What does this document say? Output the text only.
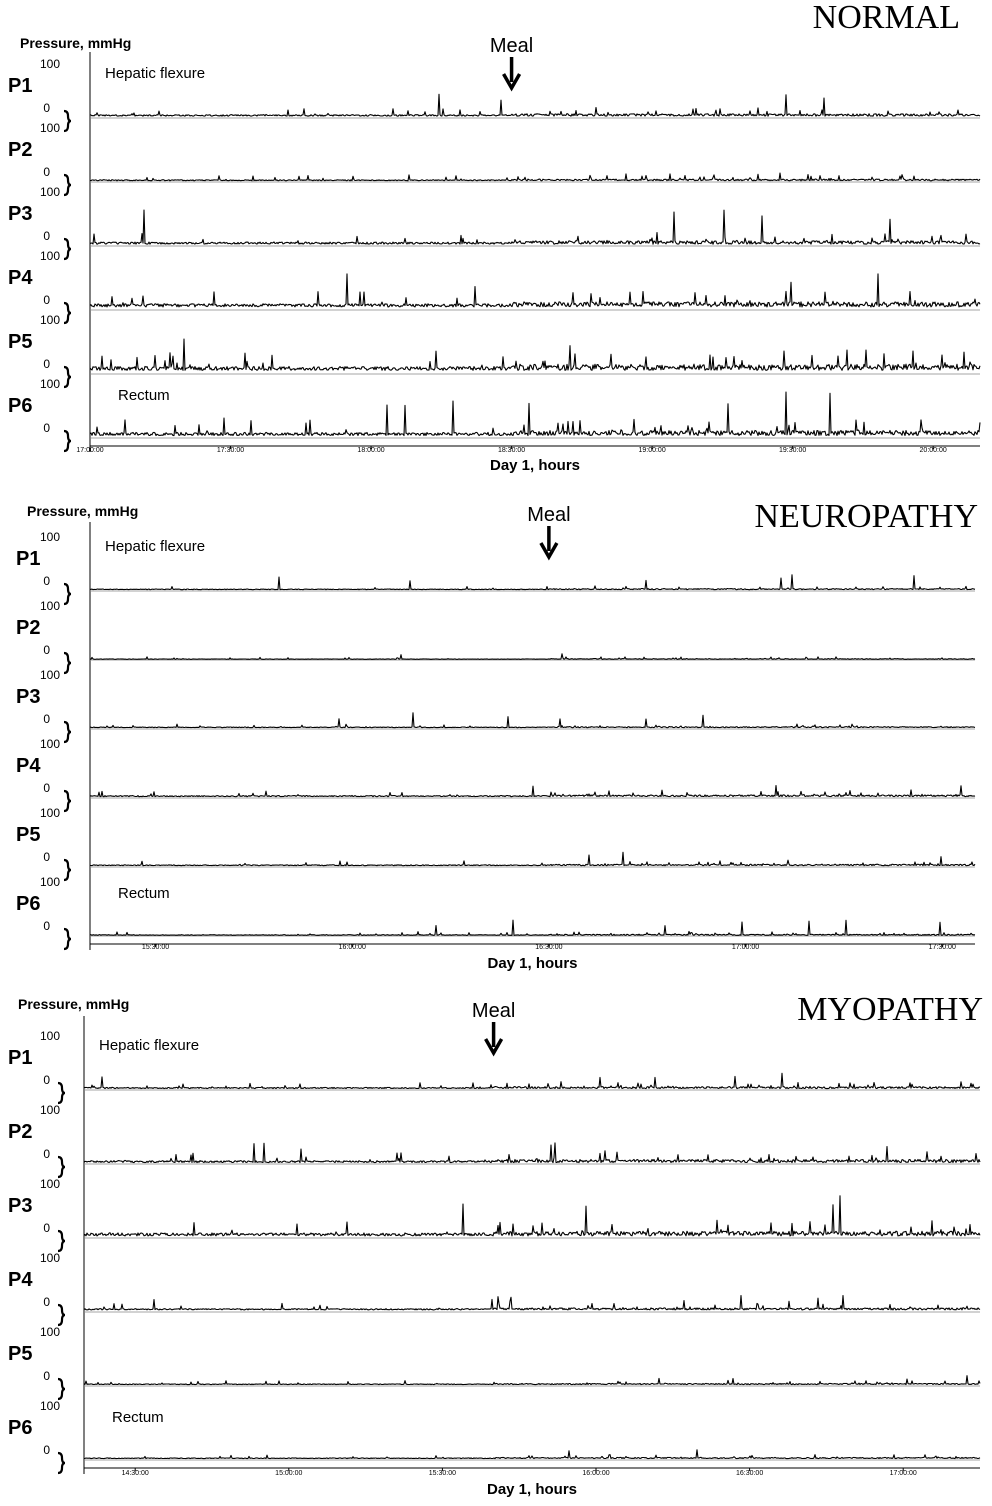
NORMAL
Pressure, mmHg	Meal
17:00:00	17:30:00	18:00:00	18:30:00	19:00:00	19:30:00	20:00:00
Day 1, hours
Hepatic flexure
Rectum
P1
100
0
P2
100
0
P3
100
0
P4
100
0
P5
100
0
P6
100
0
NEUROPATHY
Pressure, mmHg	Meal
15:30:00	16:00:00	16:30:00	17:00:00	17:30:00
Day 1, hours
Hepatic flexure
Rectum
P1
100
0
P2
100
0
P3
100
0
P4
100
0
P5
100
0
P6
100
0
MYOPATHY
Pressure, mmHg	Meal
14:30:00	15:00:00	15:30:00	16:00:00	16:30:00	17:00:00
Day 1, hours
Hepatic flexure
Rectum
P1
100
0
P2
100
0
P3
100
0
P4
100
0
P5
100
0
P6
100
0
